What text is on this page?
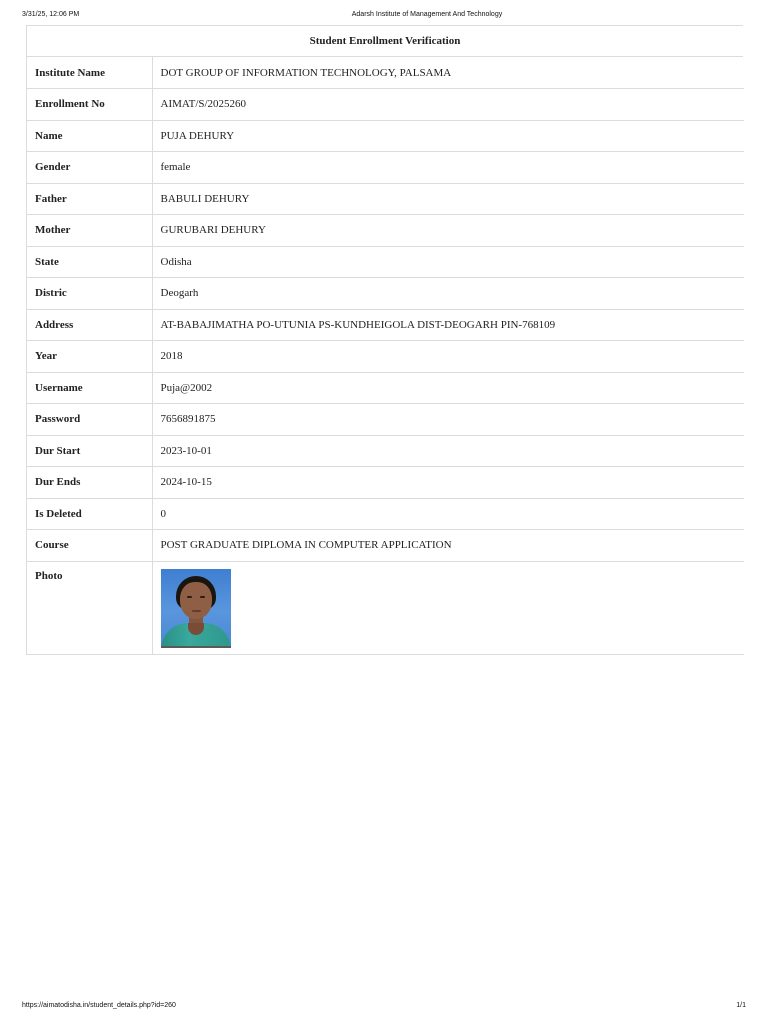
3/31/25, 12:06 PM	Adarsh Institute of Management And Technology
Student Enrollment Verification
Institute Name	DOT GROUP OF INFORMATION TECHNOLOGY, PALSAMA
Enrollment No	AIMAT/S/2025260
Name	PUJA DEHURY
Gender	female
Father	BABULI DEHURY
Mother	GURUBARI DEHURY
State	Odisha
Distric	Deogarh
Address	AT-BABAJIMATHA PO-UTUNIA PS-KUNDHEIGOLA DIST-DEOGARH PIN-768109
Year	2018
Username	Puja@2002
Password	7656891875
Dur Start	2023-10-01
Dur Ends	2024-10-15
Is Deleted	0
Course	POST GRADUATE DIPLOMA IN COMPUTER APPLICATION
Photo	
https://aimatodisha.in/student_details.php?id=260	1/1
